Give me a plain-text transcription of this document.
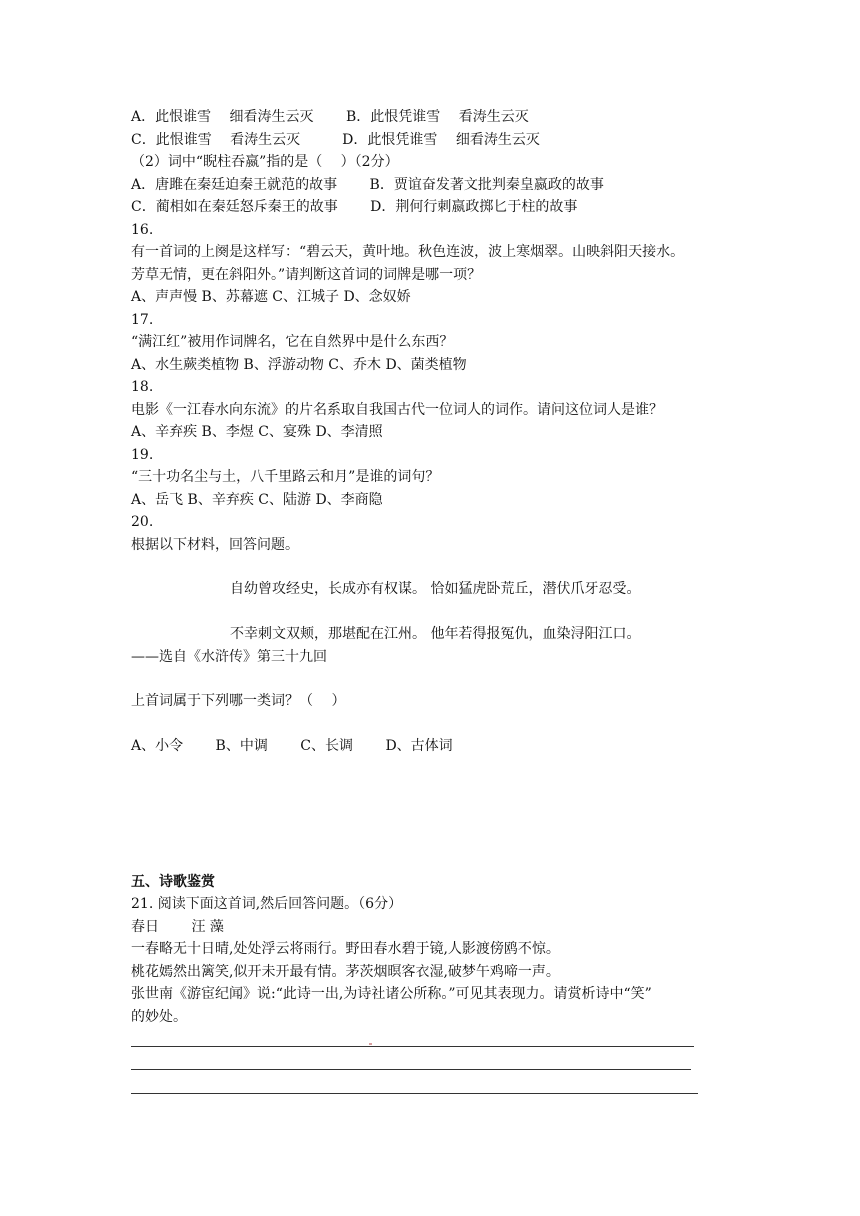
A．此恨谁雪　 细看涛生云灭　　 B．此恨凭谁雪　 看涛生云灭
C．此恨谁雪　 看涛生云灭　　　D．此恨凭谁雪　 细看涛生云灭
（2）词中“睨柱吞嬴”指的是（　 ）（2分）
A．唐雎在秦廷迫秦王就范的故事　　 B．贾谊奋发著文批判秦皇嬴政的故事
C．蔺相如在秦廷怒斥秦王的故事　　 D．荆何行刺嬴政掷匕于柱的故事
16.
有一首词的上阕是这样写：“碧云天，黄叶地。秋色连波，波上寒烟翠。山映斜阳天接水。
芳草无情，更在斜阳外。”请判断这首词的词牌是哪一项？
A、声声慢 B、苏幕遮 C、江城子 D、念奴娇
17.
“满江红”被用作词牌名，它在自然界中是什么东西？
A、水生蕨类植物 B、浮游动物 C、乔木 D、菌类植物
18.
电影《一江春水向东流》的片名系取自我国古代一位词人的词作。请问这位词人是谁？
A、辛弃疾 B、李煜 C、宴殊 D、李清照
19.
“三十功名尘与土，八千里路云和月”是谁的词句？
A、岳飞 B、辛弃疾 C、陆游 D、李商隐
20.
根据以下材料，回答问题。
自幼曾攻经史，长成亦有权谋。 恰如猛虎卧荒丘，潜伏爪牙忍受。
不幸刺文双颊，那堪配在江州。 他年若得报冤仇，血染浔阳江口。
——选自《水浒传》第三十九回
上首词属于下列哪一类词？（　 ）
A、小令　　 B、中调　　 C、长调　　 D、古体词
五、诗歌鉴赏
21. 阅读下面这首词,然后回答问题。（6分）
春日　　 汪 藻
一春略无十日晴,处处浮云将雨行。野田春水碧于镜,人影渡傍鸥不惊。
桃花嫣然出篱笑,似开未开最有情。茅茨烟暝客衣湿,破梦午鸡啼一声。
张世南《游宦纪闻》说:“此诗一出,为诗社诸公所称。”可见其表现力。请赏析诗中“笑”
的妙处。
